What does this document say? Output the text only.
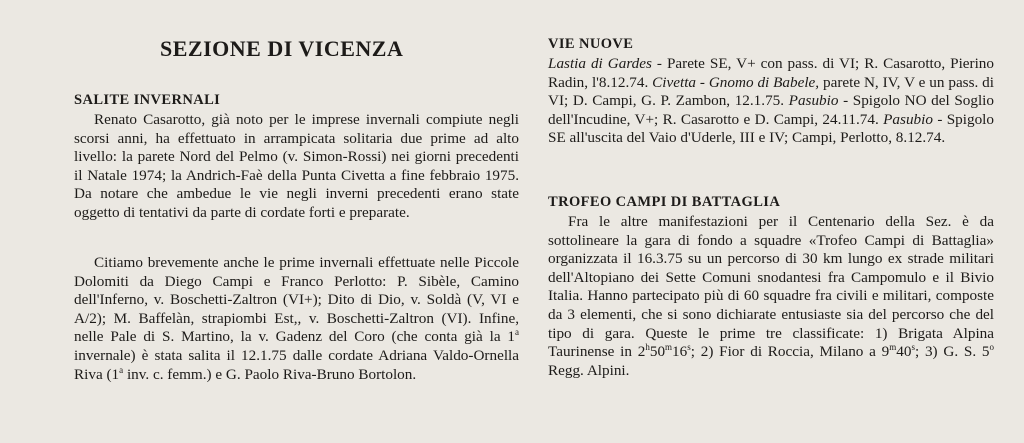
SEZIONE DI VICENZA
SALITE INVERNALI

Renato Casarotto, già noto per le imprese invernali compiute negli scorsi anni, ha effettuato in arrampicata solitaria due prime ad alto livello: la parete Nord del Pelmo (v. Simon-Rossi) nei giorni precedenti il Natale 1974; la Andrich-Faè della Punta Civetta a fine febbraio 1975. Da notare che ambedue le vie negli inverni precedenti erano state oggetto di tentativi da parte di cordate forti e preparate.

Citiamo brevemente anche le prime invernali effettuate nelle Piccole Dolomiti da Diego Campi e Franco Perlotto: P. Sibèle, Camino dell'Inferno, v. Boschetti-Zaltron (VI+); Dito di Dio, v. Soldà (V, VI e A/2); M. Baffelàn, strapiombi Est,, v. Boschetti-Zaltron (VI). Infine, nelle Pale di S. Martino, la v. Gadenz del Coro (che conta già la 1$^a$ invernale) è stata salita il 12.1.75 dalle cordate Adriana Valdo-Ornella Riva (1$^a$ inv. c. femm.) e G. Paolo Riva-Bruno Bortolon.

VIE NUOVE

Lastia di Gardes - Parete SE, V+ con pass. di VI; R. Casarotto, Pierino Radin, l'8.12.74. Civetta - Gnomo di Babele, parete N, IV, V e un pass. di VI; D. Campi, G. P. Zambon, 12.1.75. Pasubio - Spigolo NO del Soglio dell'Incudine, V+; R. Casarotto e D. Campi, 24.11.74. Pasubio - Spigolo SE all'uscita del Vaio d'Uderle, III e IV; Campi, Perlotto, 8.12.74.

TROFEO CAMPI DI BATTAGLIA

Fra le altre manifestazioni per il Centenario della Sez. è da sottolineare la gara di fondo a squadre «Trofeo Campi di Battaglia» organizzata il 16.3.75 su un percorso di 30 km lungo ex strade militari dell'Altopiano dei Sette Comuni snodantesi fra Campomulo e il Bivio Italia. Hanno partecipato più di 60 squadre fra civili e militari, composte da 3 elementi, che si sono dichiarate entusiaste sia del percorso che del tipo di gara. Queste le prime tre classificate: 1) Brigata Alpina Taurinense in 2$^h$50$^m$16$^s$; 2) Fior di Roccia, Milano a 9$^m$40$^s$; 3) G. S. 5$^o$ Regg. Alpini.
